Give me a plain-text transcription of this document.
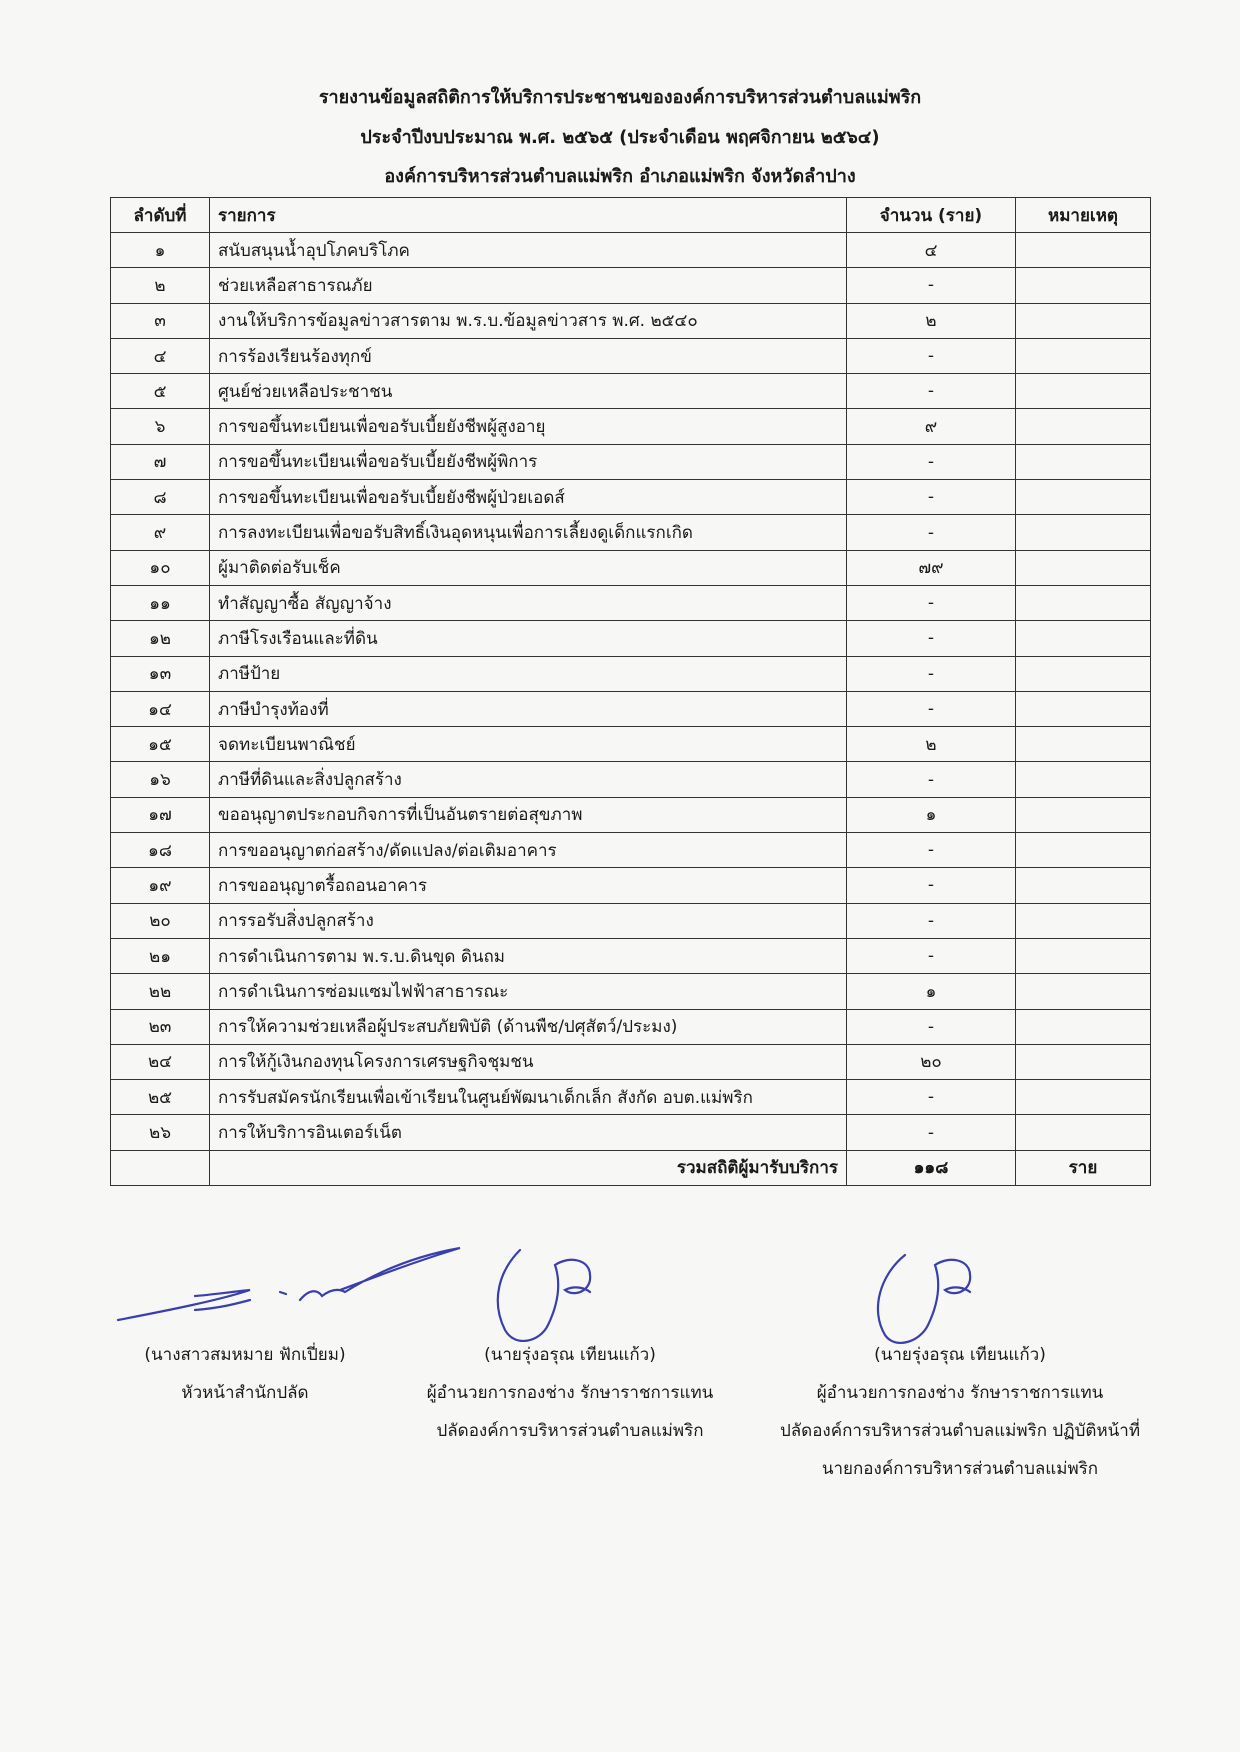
รายงานข้อมูลสถิติการให้บริการประชาชนขององค์การบริหารส่วนตำบลแม่พริก
ประจำปีงบประมาณ พ.ศ. ๒๕๖๕ (ประจำเดือน พฤศจิกายน ๒๕๖๔)
องค์การบริหารส่วนตำบลแม่พริก อำเภอแม่พริก จังหวัดลำปาง
ลำดับที่	รายการ	จำนวน (ราย)	หมายเหตุ
๑	สนับสนุนน้ำอุปโภคบริโภค	๔	
๒	ช่วยเหลือสาธารณภัย	-	
๓	งานให้บริการข้อมูลข่าวสารตาม พ.ร.บ.ข้อมูลข่าวสาร พ.ศ. ๒๕๔๐	๒	
๔	การร้องเรียนร้องทุกข์	-	
๕	ศูนย์ช่วยเหลือประชาชน	-	
๖	การขอขึ้นทะเบียนเพื่อขอรับเบี้ยยังชีพผู้สูงอายุ	๙	
๗	การขอขึ้นทะเบียนเพื่อขอรับเบี้ยยังชีพผู้พิการ	-	
๘	การขอขึ้นทะเบียนเพื่อขอรับเบี้ยยังชีพผู้ป่วยเอดส์	-	
๙	การลงทะเบียนเพื่อขอรับสิทธิ์เงินอุดหนุนเพื่อการเลี้ยงดูเด็กแรกเกิด	-	
๑๐	ผู้มาติดต่อรับเช็ค	๗๙	
๑๑	ทำสัญญาซื้อ สัญญาจ้าง	-	
๑๒	ภาษีโรงเรือนและที่ดิน	-	
๑๓	ภาษีป้าย	-	
๑๔	ภาษีบำรุงท้องที่	-	
๑๕	จดทะเบียนพาณิชย์	๒	
๑๖	ภาษีที่ดินและสิ่งปลูกสร้าง	-	
๑๗	ขออนุญาตประกอบกิจการที่เป็นอันตรายต่อสุขภาพ	๑	
๑๘	การขออนุญาตก่อสร้าง/ดัดแปลง/ต่อเติมอาคาร	-	
๑๙	การขออนุญาตรื้อถอนอาคาร	-	
๒๐	การรอรับสิ่งปลูกสร้าง	-	
๒๑	การดำเนินการตาม พ.ร.บ.ดินขุด ดินถม	-	
๒๒	การดำเนินการซ่อมแซมไฟฟ้าสาธารณะ	๑	
๒๓	การให้ความช่วยเหลือผู้ประสบภัยพิบัติ (ด้านพืช/ปศุสัตว์/ประมง)	-	
๒๔	การให้กู้เงินกองทุนโครงการเศรษฐกิจชุมชน	๒๐	
๒๕	การรับสมัครนักเรียนเพื่อเข้าเรียนในศูนย์พัฒนาเด็กเล็ก สังกัด อบต.แม่พริก	-	
๒๖	การให้บริการอินเตอร์เน็ต	-	
	รวมสถิติผู้มารับบริการ	๑๑๘	ราย
(นางสาวสมหมาย ฟักเปี่ยม)
หัวหน้าสำนักปลัด
(นายรุ่งอรุณ เทียนแก้ว)
ผู้อำนวยการกองช่าง รักษาราชการแทน
ปลัดองค์การบริหารส่วนตำบลแม่พริก
(นายรุ่งอรุณ เทียนแก้ว)
ผู้อำนวยการกองช่าง รักษาราชการแทน
ปลัดองค์การบริหารส่วนตำบลแม่พริก ปฏิบัติหน้าที่
นายกองค์การบริหารส่วนตำบลแม่พริก
